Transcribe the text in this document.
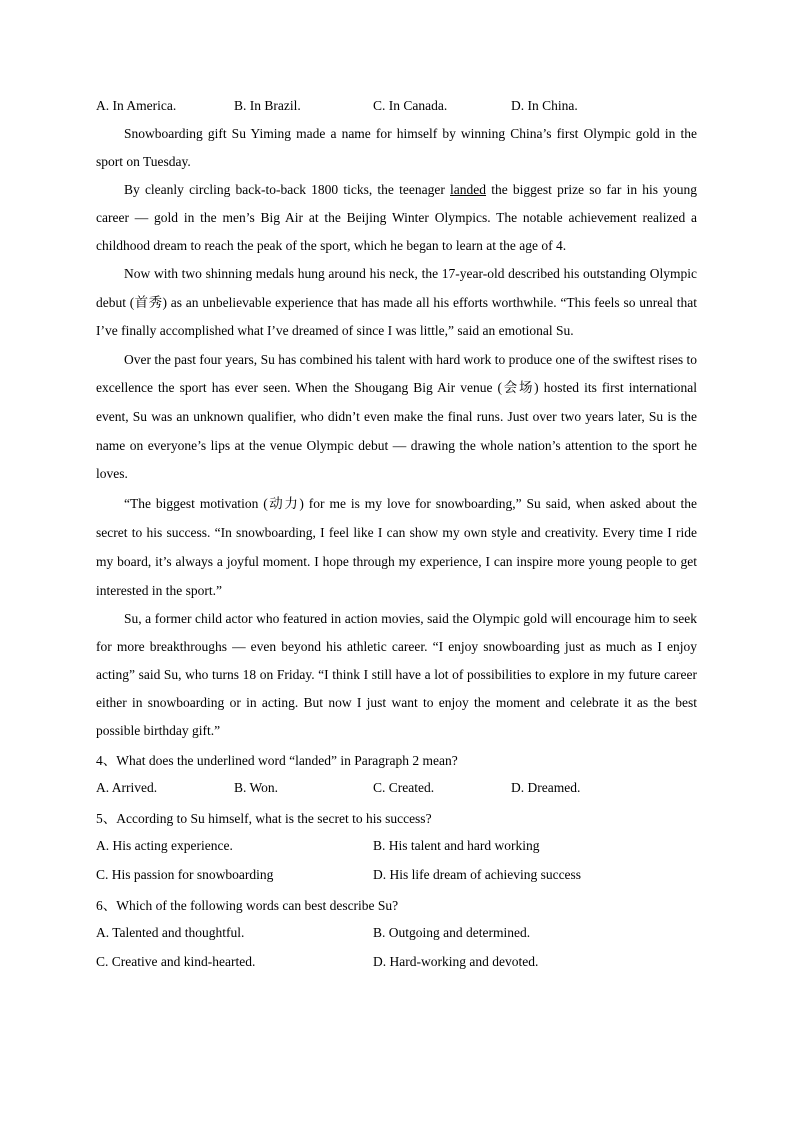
A. In America.	B. In Brazil.	C. In Canada.	D. In China.

Snowboarding gift Su Yiming made a name for himself by winning China’s first Olympic gold in the sport on Tuesday.

By cleanly circling back-to-back 1800 ticks, the teenager landed the biggest prize so far in his young career — gold in the men’s Big Air at the Beijing Winter Olympics. The notable achievement realized a childhood dream to reach the peak of the sport, which he began to learn at the age of 4.

Now with two shinning medals hung around his neck, the 17-year-old described his outstanding Olympic debut (首秀) as an unbelievable experience that has made all his efforts worthwhile. “This feels so unreal that I’ve finally accomplished what I’ve dreamed of since I was little,” said an emotional Su.

Over the past four years, Su has combined his talent with hard work to produce one of the swiftest rises to excellence the sport has ever seen. When the Shougang Big Air venue (会场) hosted its first international event, Su was an unknown qualifier, who didn’t even make the final runs. Just over two years later, Su is the name on everyone’s lips at the venue Olympic debut — drawing the whole nation’s attention to the sport he loves.

“The biggest motivation (动力) for me is my love for snowboarding,” Su said, when asked about the secret to his success. “In snowboarding, I feel like I can show my own style and creativity. Every time I ride my board, it’s always a joyful moment. I hope through my experience, I can inspire more young people to get interested in the sport.”

Su, a former child actor who featured in action movies, said the Olympic gold will encourage him to seek for more breakthroughs — even beyond his athletic career. “I enjoy snowboarding just as much as I enjoy acting” said Su, who turns 18 on Friday. “I think I still have a lot of possibilities to explore in my future career either in snowboarding or in acting. But now I just want to enjoy the moment and celebrate it as the best possible birthday gift.”

4、What does the underlined word “landed” in Paragraph 2 mean?
A. Arrived.	B. Won.	C. Created.	D. Dreamed.
5、According to Su himself, what is the secret to his success?
A. His acting experience.	B. His talent and hard working
C. His passion for snowboarding	D. His life dream of achieving success
6、Which of the following words can best describe Su?
A. Talented and thoughtful.	B. Outgoing and determined.
C. Creative and kind-hearted.	D. Hard-working and devoted.
